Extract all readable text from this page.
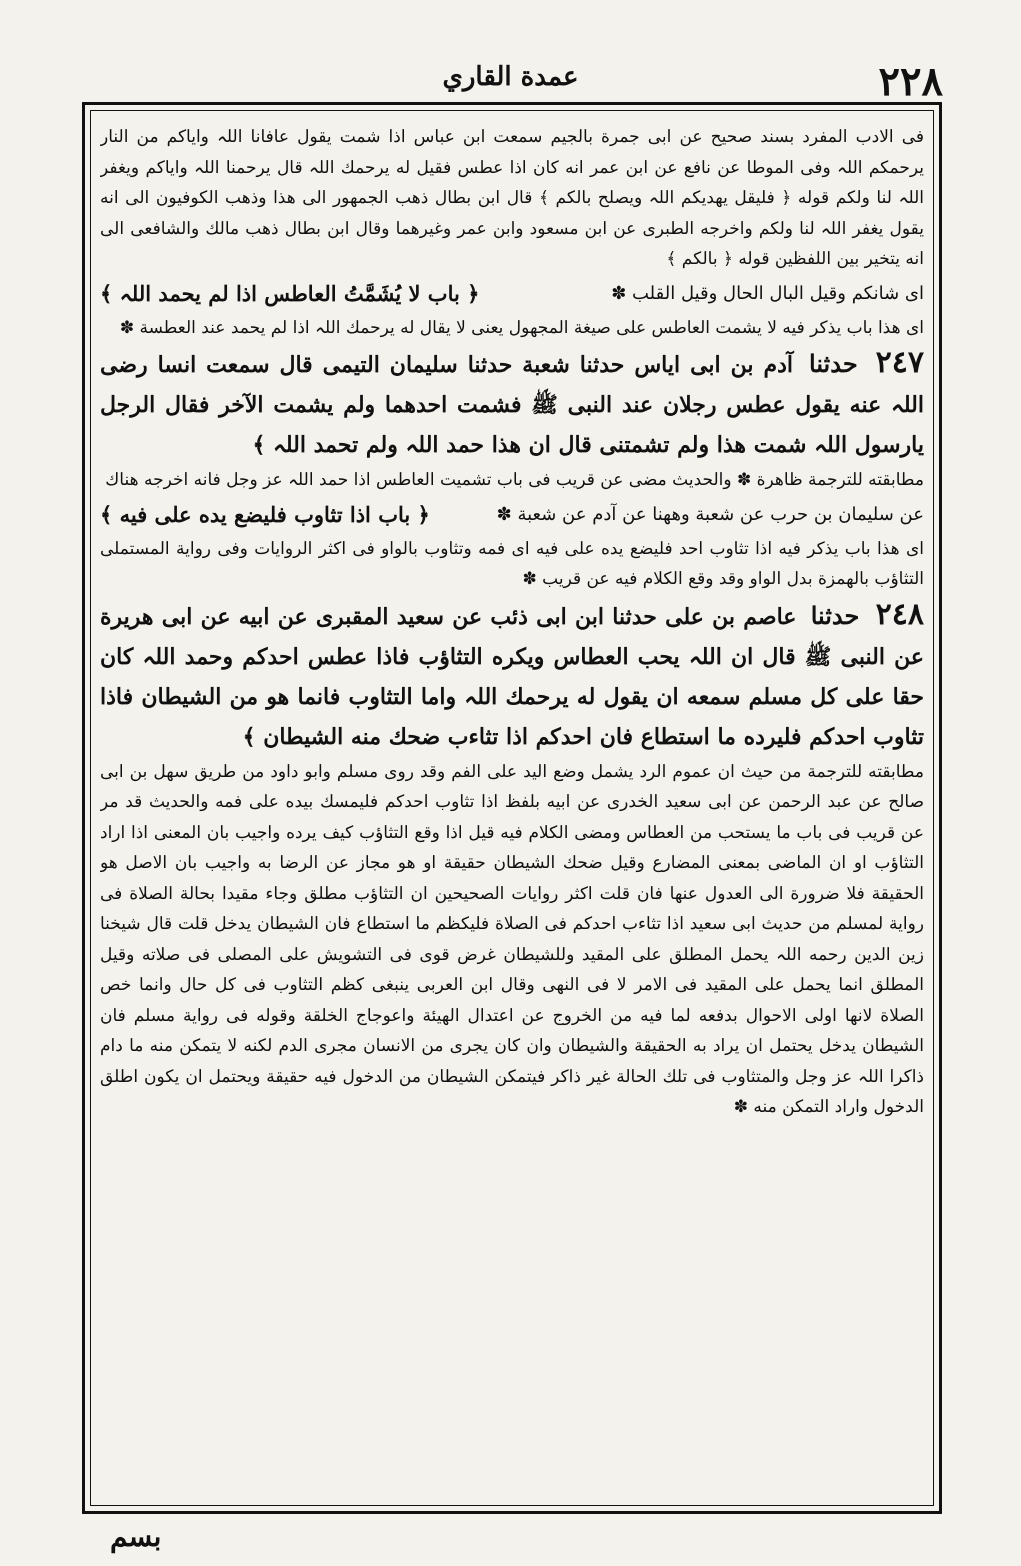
٢٢٨
عمدة القاري

فی الادب المفرد بسند صحیح عن ابی جمرة بالجیم سمعت ابن عباس اذا شمت یقول عافانا اللہ وایاکم من النار یرحمکم اللہ وفی الموطا عن نافع عن ابن عمر انه کان اذا عطس فقیل له یرحمك اللہ قال یرحمنا اللہ وایاکم ویغفر اللہ لنا ولکم قوله ﴿ فلیقل یهدیکم اللہ ویصلح بالکم ﴾ قال ابن بطال ذهب الجمهور الی هذا وذهب الکوفیون الی انه یقول یغفر اللہ لنا ولکم واخرجه الطبری عن ابن مسعود وابن عمر وغیرهما وقال ابن بطال ذهب مالك والشافعی الی انه یتخیر بین اللفظین قوله ﴿ بالکم ﴾

ای شانکم وقیل البال الحال وقیل القلب ✽
﴿ باب لا یُشَمَّتُ العاطس اذا لم یحمد اللہ ﴾

ای هذا باب یذکر فیه لا یشمت العاطس علی صیغة المجهول یعنی لا یقال له یرحمك اللہ اذا لم یحمد عند العطسة ✽

٢٤٧ حدثنا آدم بن ابی ایاس حدثنا شعبة حدثنا سلیمان التیمی قال سمعت انسا رضی اللہ عنه یقول عطس رجلان عند النبی ﷺ فشمت احدهما ولم یشمت الآخر فقال الرجل یارسول اللہ شمت هذا ولم تشمتنی قال ان هذا حمد اللہ ولم تحمد اللہ ﴾

مطابقته للترجمة ظاهرة ✽ والحدیث مضی عن قریب فی باب تشمیت العاطس اذا حمد اللہ عز وجل فانه اخرجه هناك

عن سلیمان بن حرب عن شعبة وههنا عن آدم عن شعبة ✽
﴿ باب اذا تثاوب فلیضع یده علی فیه ﴾

ای هذا باب یذکر فیه اذا تثاوب احد فلیضع یده علی فیه ای فمه وتثاوب بالواو فی اکثر الروایات وفی روایة المستملی التثاؤب بالهمزة بدل الواو وقد وقع الکلام فیه عن قریب ✽

٢٤٨ حدثنا عاصم بن علی حدثنا ابن ابی ذئب عن سعید المقبری عن ابیه عن ابی هریرة عن النبی ﷺ قال ان اللہ یحب العطاس ویکره التثاؤب فاذا عطس احدکم وحمد اللہ کان حقا علی کل مسلم سمعه ان یقول له یرحمك اللہ واما التثاوب فانما هو من الشیطان فاذا تثاوب احدکم فلیرده ما استطاع فان احدکم اذا تثاءب ضحك منه الشیطان ﴾

مطابقته للترجمة من حیث ان عموم الرد یشمل وضع الید علی الفم وقد روی مسلم وابو داود من طریق سهل بن ابی صالح عن عبد الرحمن عن ابی سعید الخدری عن ابیه بلفظ اذا تثاوب احدکم فلیمسك بیده علی فمه والحدیث قد مر عن قریب فی باب ما یستحب من العطاس ومضی الکلام فیه قیل اذا وقع التثاؤب کیف یرده واجیب بان المعنی اذا اراد التثاؤب او ان الماضی بمعنی المضارع وقیل ضحك الشیطان حقیقة او هو مجاز عن الرضا به واجیب بان الاصل هو الحقیقة فلا ضرورة الی العدول عنها فان قلت اکثر روایات الصحیحین ان التثاؤب مطلق وجاء مقیدا بحالة الصلاة فی روایة لمسلم من حدیث ابی سعید اذا تثاءب احدکم فی الصلاة فلیکظم ما استطاع فان الشیطان یدخل قلت قال شیخنا زین الدین رحمه اللہ یحمل المطلق علی المقید وللشیطان غرض قوی فی التشویش علی المصلی فی صلاته وقیل المطلق انما یحمل علی المقید فی الامر لا فی النهی وقال ابن العربی ینبغی کظم التثاوب فی کل حال وانما خص الصلاة لانها اولی الاحوال بدفعه لما فیه من الخروج عن اعتدال الهیئة واعوجاج الخلقة وقوله فی روایة مسلم فان الشیطان یدخل یحتمل ان یراد به الحقیقة والشیطان وان کان یجری من الانسان مجری الدم لکنه لا یتمکن منه ما دام ذاکرا اللہ عز وجل والمتثاوب فی تلك الحالة غیر ذاکر فیتمکن الشیطان من الدخول فیه حقیقة ویحتمل ان یکون اطلق الدخول واراد التمکن منه ✽

بسم
